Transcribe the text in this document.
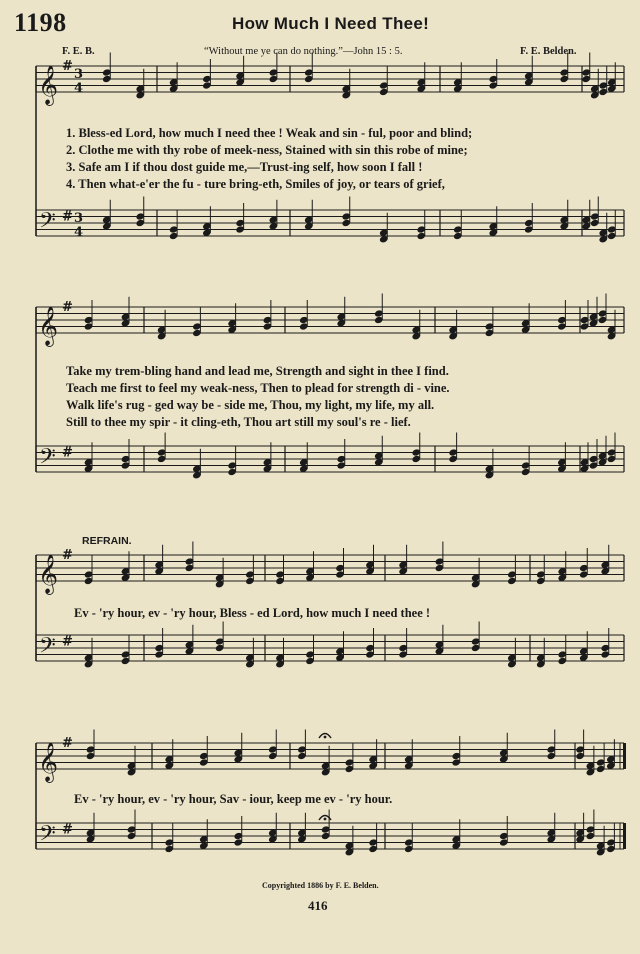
1198	How Much I Need Thee!
F. E. B.	“Without me ye can do nothing.”—John 15 : 5.	F. E. Belden.
𝄞 #
3
4
𝄢 # 3
4
𝄞 #
𝄢 #
𝄞 #
𝄢 #
𝄞 #
𝄢 #
1. Bless-ed Lord, how much I need thee ! Weak and sin - ful, poor and blind;
2. Clothe me with thy robe of meek-ness, Stained with sin this robe of mine;
3. Safe am I if thou dost guide me,—Trust-ing self, how soon I fall !
4. Then what-e'er the fu - ture bring-eth, Smiles of joy, or tears of grief,
Take my trem-bling hand and lead me, Strength and sight in thee I find.
Teach me first to feel my weak-ness, Then to plead for strength di - vine.
Walk life's rug - ged way be - side me, Thou, my light, my life, my all.
Still to thee my spir - it cling-eth, Thou art still my soul's re - lief.
REFRAIN.
Ev - 'ry hour, ev - 'ry hour, Bless - ed Lord, how much I need thee !
Ev - 'ry hour, ev - 'ry hour, Sav - iour, keep me ev - 'ry hour.
Copyrighted 1886 by F. E. Belden.
416
